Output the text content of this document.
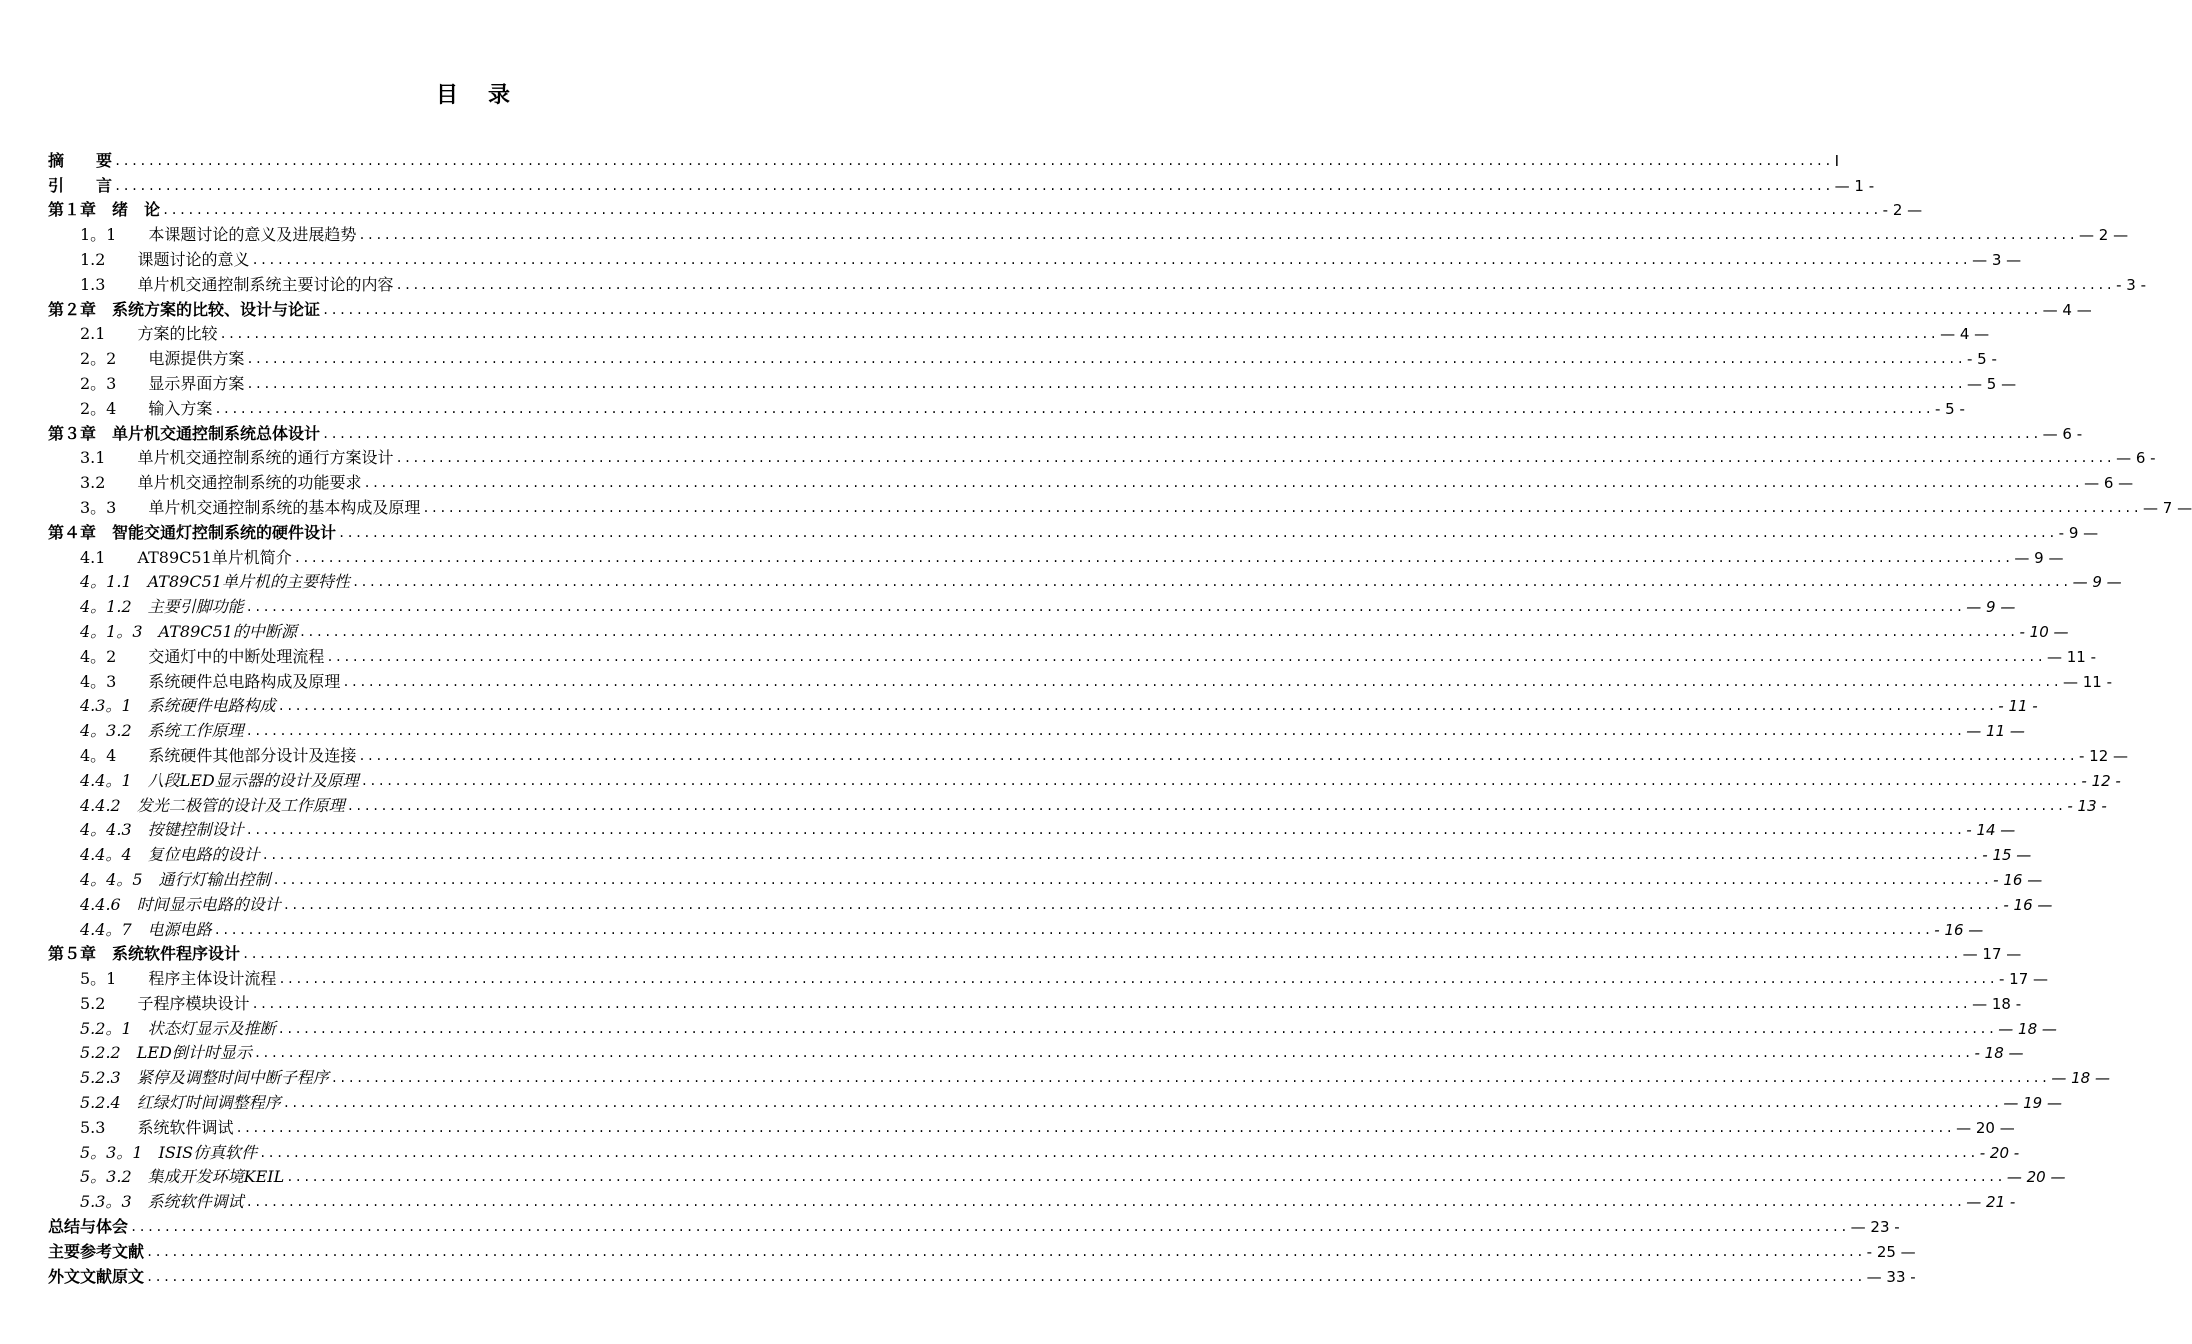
目　录
摘　　要 ............................................................................................................................................................................................................ I
引　　言 ............................................................................................................................................................................................................ — 1 -
第１章　绪　论 ............................................................................................................................................................................................................ - 2 —
1。1　　本课题讨论的意义及进展趋势 ............................................................................................................................................................................................................ — 2 —
1.2　　课题讨论的意义 ............................................................................................................................................................................................................ — 3 —
1.3　　单片机交通控制系统主要讨论的内容 ............................................................................................................................................................................................................ - 3 -
第２章　系统方案的比较、设计与论证 ............................................................................................................................................................................................................ — 4 —
2.1　　方案的比较 ............................................................................................................................................................................................................ — 4 —
2。2　　电源提供方案 ............................................................................................................................................................................................................ - 5 -
2。3　　显示界面方案 ............................................................................................................................................................................................................ — 5 —
2。4　　输入方案 ............................................................................................................................................................................................................ - 5 -
第３章　单片机交通控制系统总体设计 ............................................................................................................................................................................................................ — 6 -
3.1　　单片机交通控制系统的通行方案设计 ............................................................................................................................................................................................................ — 6 -
3.2　　单片机交通控制系统的功能要求 ............................................................................................................................................................................................................ — 6 —
3。3　　单片机交通控制系统的基本构成及原理 ............................................................................................................................................................................................................ — 7 —
第４章　智能交通灯控制系统的硬件设计 ............................................................................................................................................................................................................ - 9 —
4.1　　AT89C51单片机简介 ............................................................................................................................................................................................................ — 9 —
4。1.1　AT89C51单片机的主要特性 ............................................................................................................................................................................................................ — 9 —
4。1.2　主要引脚功能 ............................................................................................................................................................................................................ — 9 —
4。1。3　AT89C51的中断源 ............................................................................................................................................................................................................ - 10 —
4。2　　交通灯中的中断处理流程 ............................................................................................................................................................................................................ — 11 -
4。3　　系统硬件总电路构成及原理 ............................................................................................................................................................................................................ — 11 -
4.3。1　系统硬件电路构成 ............................................................................................................................................................................................................ - 11 -
4。3.2　系统工作原理 ............................................................................................................................................................................................................ — 11 —
4。4　　系统硬件其他部分设计及连接 ............................................................................................................................................................................................................ - 12 —
4.4。1　八段LED显示器的设计及原理 ............................................................................................................................................................................................................ - 12 -
4.4.2　发光二极管的设计及工作原理 ............................................................................................................................................................................................................ - 13 -
4。4.3　按键控制设计 ............................................................................................................................................................................................................ - 14 —
4.4。4　复位电路的设计 ............................................................................................................................................................................................................ - 15 —
4。4。5　通行灯输出控制 ............................................................................................................................................................................................................ - 16 —
4.4.6　时间显示电路的设计 ............................................................................................................................................................................................................ - 16 —
4.4。7　电源电路 ............................................................................................................................................................................................................ - 16 —
第５章　系统软件程序设计 ............................................................................................................................................................................................................ — 17 —
5。1　　程序主体设计流程 ............................................................................................................................................................................................................ - 17 —
5.2　　子程序模块设计 ............................................................................................................................................................................................................ — 18 -
5.2。1　状态灯显示及推断 ............................................................................................................................................................................................................ — 18 —
5.2.2　LED倒计时显示 ............................................................................................................................................................................................................ - 18 —
5.2.3　紧停及调整时间中断子程序 ............................................................................................................................................................................................................ — 18 —
5.2.4　红绿灯时间调整程序 ............................................................................................................................................................................................................ — 19 —
5.3　　系统软件调试 ............................................................................................................................................................................................................ — 20 —
5。3。1　ISIS仿真软件 ............................................................................................................................................................................................................ - 20 -
5。3.2　集成开发环境KEIL ............................................................................................................................................................................................................ — 20 —
5.3。3　系统软件调试 ............................................................................................................................................................................................................ — 21 -
总结与体会 ............................................................................................................................................................................................................ — 23 -
主要参考文献 ............................................................................................................................................................................................................ - 25 —
外文文献原文 ............................................................................................................................................................................................................ — 33 -
